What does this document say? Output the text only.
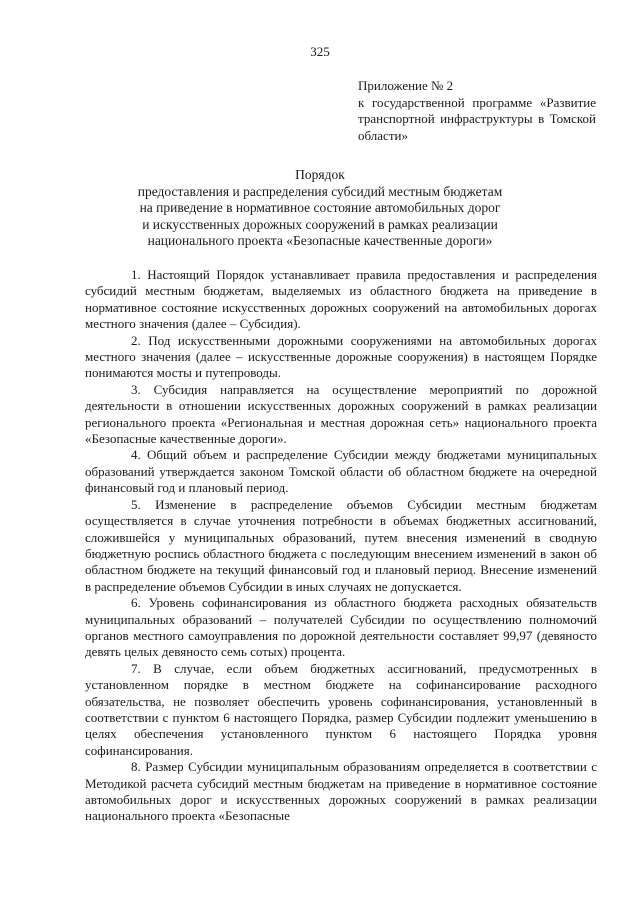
325
Приложение № 2
к государственной программе «Развитие
транспортной инфраструктуры в Томской
области»
Порядок
предоставления и распределения субсидий местным бюджетам
на приведение в нормативное состояние автомобильных дорог
и искусственных дорожных сооружений в рамках реализации
национального проекта «Безопасные качественные дороги»

1. Настоящий Порядок устанавливает правила предоставления и распределения субсидий местным бюджетам, выделяемых из областного бюджета на приведение в нормативное состояние искусственных дорожных сооружений на автомобильных дорогах местного значения (далее – Субсидия).

2. Под искусственными дорожными сооружениями на автомобильных дорогах местного значения (далее – искусственные дорожные сооружения) в настоящем Порядке понимаются мосты и путепроводы.

3. Субсидия направляется на осуществление мероприятий по дорожной деятельности в отношении искусственных дорожных сооружений в рамках реализации регионального проекта «Региональная и местная дорожная сеть» национального проекта «Безопасные качественные дороги».

4. Общий объем и распределение Субсидии между бюджетами муниципальных образований утверждается законом Томской области об областном бюджете на очередной финансовый год и плановый период.

5. Изменение в распределение объемов Субсидии местным бюджетам осуществляется в случае уточнения потребности в объемах бюджетных ассигнований, сложившейся у муниципальных образований, путем внесения изменений в сводную бюджетную роспись областного бюджета с последующим внесением изменений в закон об областном бюджете на текущий финансовый год и плановый период. Внесение изменений в распределение объемов Субсидии в иных случаях не допускается.

6. Уровень софинансирования из областного бюджета расходных обязательств муниципальных образований – получателей Субсидии по осуществлению полномочий органов местного самоуправления по дорожной деятельности составляет 99,97 (девяносто девять целых девяносто семь сотых) процента.

7. В случае, если объем бюджетных ассигнований, предусмотренных в установленном порядке в местном бюджете на софинансирование расходного обязательства, не позволяет обеспечить уровень софинансирования, установленный в соответствии с пунктом 6 настоящего Порядка, размер Субсидии подлежит уменьшению в целях обеспечения установленного пунктом 6 настоящего Порядка уровня софинансирования.

8. Размер Субсидии муниципальным образованиям определяется в соответствии с Методикой расчета субсидий местным бюджетам на приведение в нормативное состояние автомобильных дорог и искусственных дорожных сооружений в рамках реализации национального проекта «Безопасные
